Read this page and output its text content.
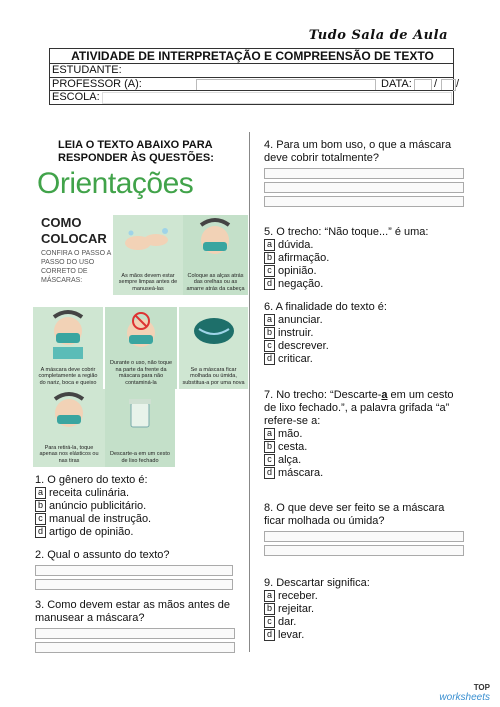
Tudo Sala de Aula
ATIVIDADE DE INTERPRETAÇÃO E COMPREENSÃO DE TEXTO
ESTUDANTE:
PROFESSOR (A):	DATA: / /
ESCOLA:
LEIA O TEXTO ABAIXO PARA RESPONDER ÀS QUESTÕES:
Orientações
COMO
COLOCAR
CONFIRA O PASSO A PASSO DO USO CORRETO DE MÁSCARAS:
As mãos devem estar sempre limpas antes de manuseá-las
Coloque as alças atrás das orelhas ou as amarre atrás da cabeça
A máscara deve cobrir completamente a região do nariz, boca e queixo
Durante o uso, não toque na parte da frente da máscara para não contaminá-la
Se a máscara ficar molhada ou úmida, substitua-a por uma nova
Para retirá-la, toque apenas nos elásticos ou nas tiras
Descarte-a em um cesto de lixo fechado
1. O gênero do texto é:
a receita culinária.
b anúncio publicitário.
c manual de instrução.
d artigo de opinião.
2. Qual o assunto do texto?
3. Como devem estar as mãos antes de manusear a máscara?
4. Para um bom uso, o que a máscara deve cobrir totalmente?
5. O trecho: “Não toque...” é uma:
a dúvida.
b afirmação.
c opinião.
d negação.
6. A finalidade do texto é:
a anunciar.
b instruir.
c descrever.
d criticar.
7. No trecho: “Descarte-a em um cesto de lixo fechado.”, a palavra grifada “a” refere-se a:
a mão.
b cesta.
c alça.
d máscara.
8. O que deve ser feito se a máscara ficar molhada ou úmida?
9. Descartar significa:
a receber.
b rejeitar.
c dar.
d levar.
TOP
worksheets
